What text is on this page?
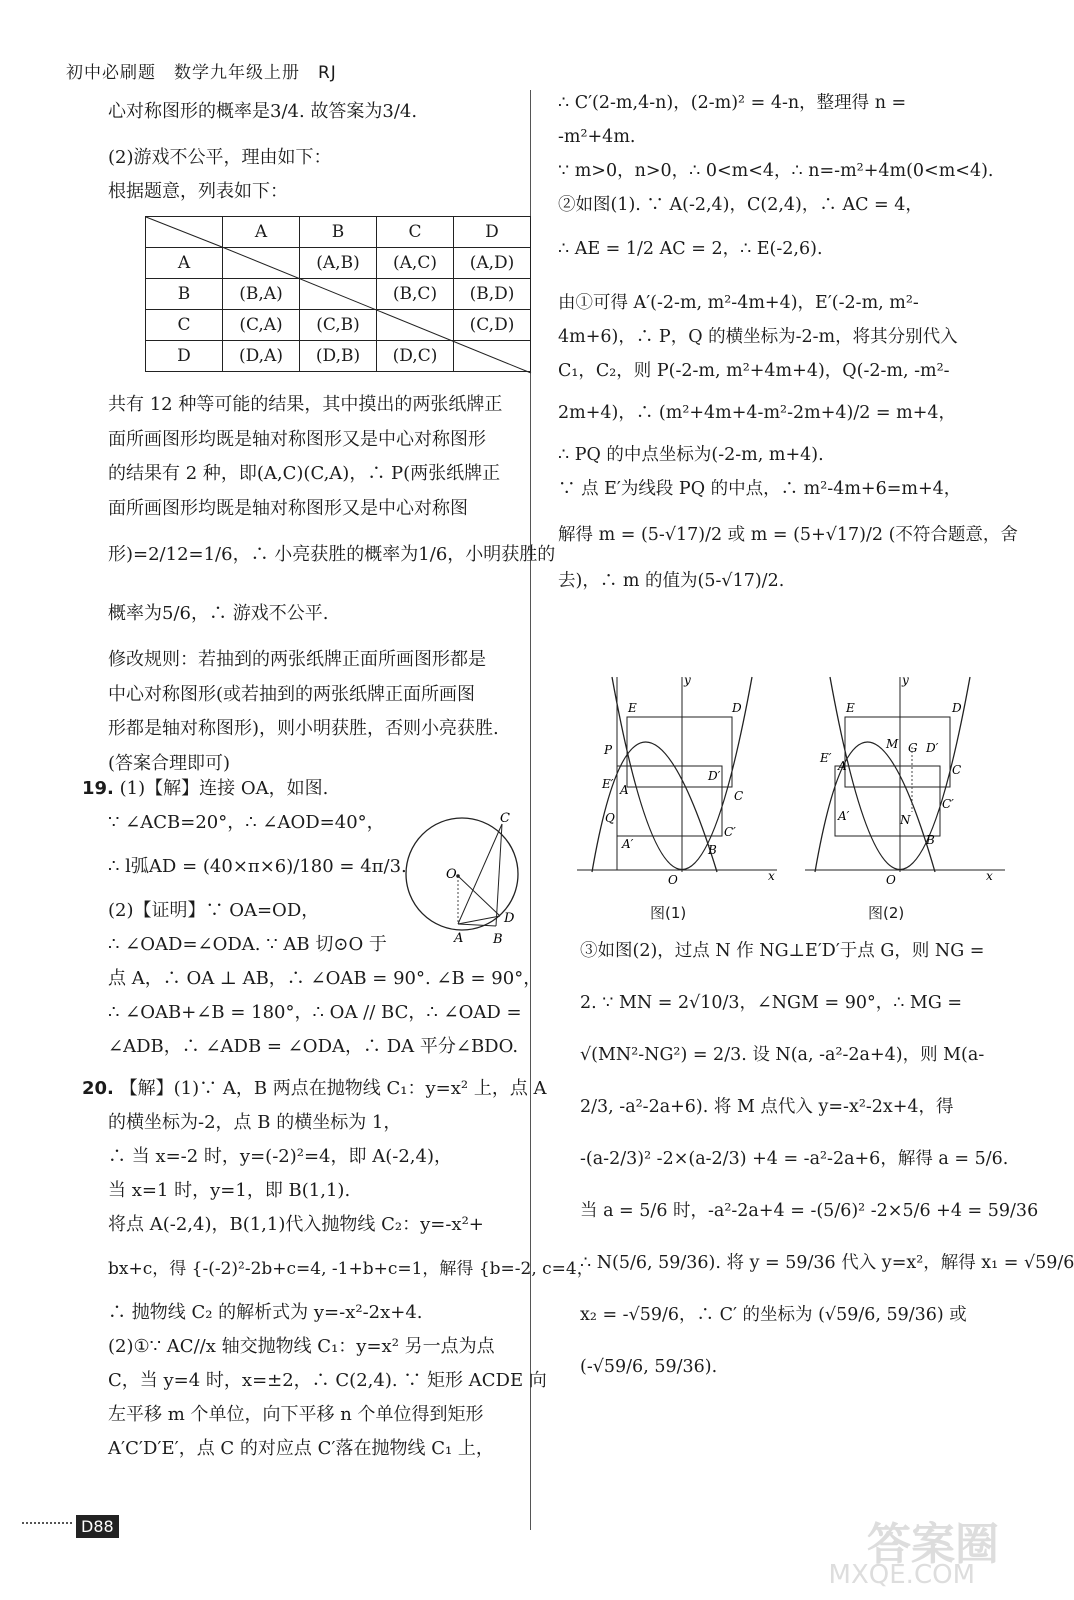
初中必刷题　数学九年级上册　RJ

心对称图形的概率是3/4. 故答案为3/4.

(2)游戏不公平，理由如下：

根据题意，列表如下：

	A	B	C	D
A		(A,B)	(A,C)	(A,D)
B	(B,A)		(B,C)	(B,D)
C	(C,A)	(C,B)		(C,D)
D	(D,A)	(D,B)	(D,C)	

共有 12 种等可能的结果，其中摸出的两张纸牌正

面所画图形均既是轴对称图形又是中心对称图形

的结果有 2 种，即(A,C)(C,A)，∴ P(两张纸牌正

面所画图形均既是轴对称图形又是中心对称图

形)=2/12=1/6，∴ 小亮获胜的概率为1/6，小明获胜的

概率为5/6，∴ 游戏不公平.

修改规则：若抽到的两张纸牌正面所画图形都是

中心对称图形(或若抽到的两张纸牌正面所画图

形都是轴对称图形)，则小明获胜，否则小亮获胜.

(答案合理即可)

19. (1)【解】连接 OA，如图.

∵ ∠ACB=20°，∴ ∠AOD=40°，

∴ l弧AD = (40×π×6)/180 = 4π/3.

(2)【证明】∵ OA=OD，

∴ ∠OAD=∠ODA. ∵ AB 切⊙O 于

点 A，∴ OA ⊥ AB，∴ ∠OAB = 90°. ∠B = 90°，

∴ ∠OAB+∠B = 180°，∴ OA // BC，∴ ∠OAD =

∠ADB，∴ ∠ADB = ∠ODA，∴ DA 平分∠BDO.

O
A B
C
D

20. 【解】(1)∵ A，B 两点在抛物线 C₁：y=x² 上，点 A

的横坐标为-2，点 B 的横坐标为 1，

∴ 当 x=-2 时，y=(-2)²=4，即 A(-2,4)，

当 x=1 时，y=1，即 B(1,1).

将点 A(-2,4)，B(1,1)代入抛物线 C₂：y=-x²+

bx+c，得 {-(-2)²-2b+c=4, -1+b+c=1，解得 {b=-2, c=4，

∴ 抛物线 C₂ 的解析式为 y=-x²-2x+4.

(2)①∵ AC//x 轴交抛物线 C₁：y=x² 另一点为点

C，当 y=4 时，x=±2，∴ C(2,4). ∵ 矩形 ACDE 向

左平移 m 个单位，向下平移 n 个单位得到矩形

A′C′D′E′，点 C 的对应点 C′落在抛物线 C₁ 上，

∴ C′(2-m,4-n)，(2-m)² = 4-n，整理得 n =

-m²+4m.

∵ m>0，n>0，∴ 0<m<4，∴ n=-m²+4m(0<m<4).

②如图(1). ∵ A(-2,4)，C(2,4)，∴ AC = 4，

∴ AE = 1/2 AC = 2，∴ E(-2,6).

由①可得 A′(-2-m, m²-4m+4)，E′(-2-m, m²-

4m+6)，∴ P，Q 的横坐标为-2-m，将其分别代入

C₁，C₂，则 P(-2-m, m²+4m+4)，Q(-2-m, -m²-

2m+4)，∴ (m²+4m+4-m²-2m+4)/2 = m+4，

∴ PQ 的中点坐标为(-2-m, m+4).

∵ 点 E′为线段 PQ 的中点，∴ m²-4m+6=m+4，

解得 m = (5-√17)/2 或 m = (5+√17)/2 (不符合题意，舍

去)，∴ m 的值为(5-√17)/2.

y
x
O
E	D
P
D′
E′ A	C
Q
C′
A′	B
图(1)
y
x
O
E	D
M G D′
E′
A	C
C′
A′	N
B
图(2)

③如图(2)，过点 N 作 NG⊥E′D′于点 G，则 NG =

2. ∵ MN = 2√10/3，∠NGM = 90°，∴ MG =

√(MN²-NG²) = 2/3. 设 N(a, -a²-2a+4)，则 M(a-

2/3, -a²-2a+6). 将 M 点代入 y=-x²-2x+4，得

-(a-2/3)² -2×(a-2/3) +4 = -a²-2a+6，解得 a = 5/6.

当 a = 5/6 时，-a²-2a+4 = -(5/6)² -2×5/6 +4 = 59/36

∴ N(5/6, 59/36). 将 y = 59/36 代入 y=x²，解得 x₁ = √59/6

x₂ = -√59/6，∴ C′ 的坐标为 (√59/6, 59/36) 或

(-√59/6, 59/36).

D88	答案圈
MXQE.COM
